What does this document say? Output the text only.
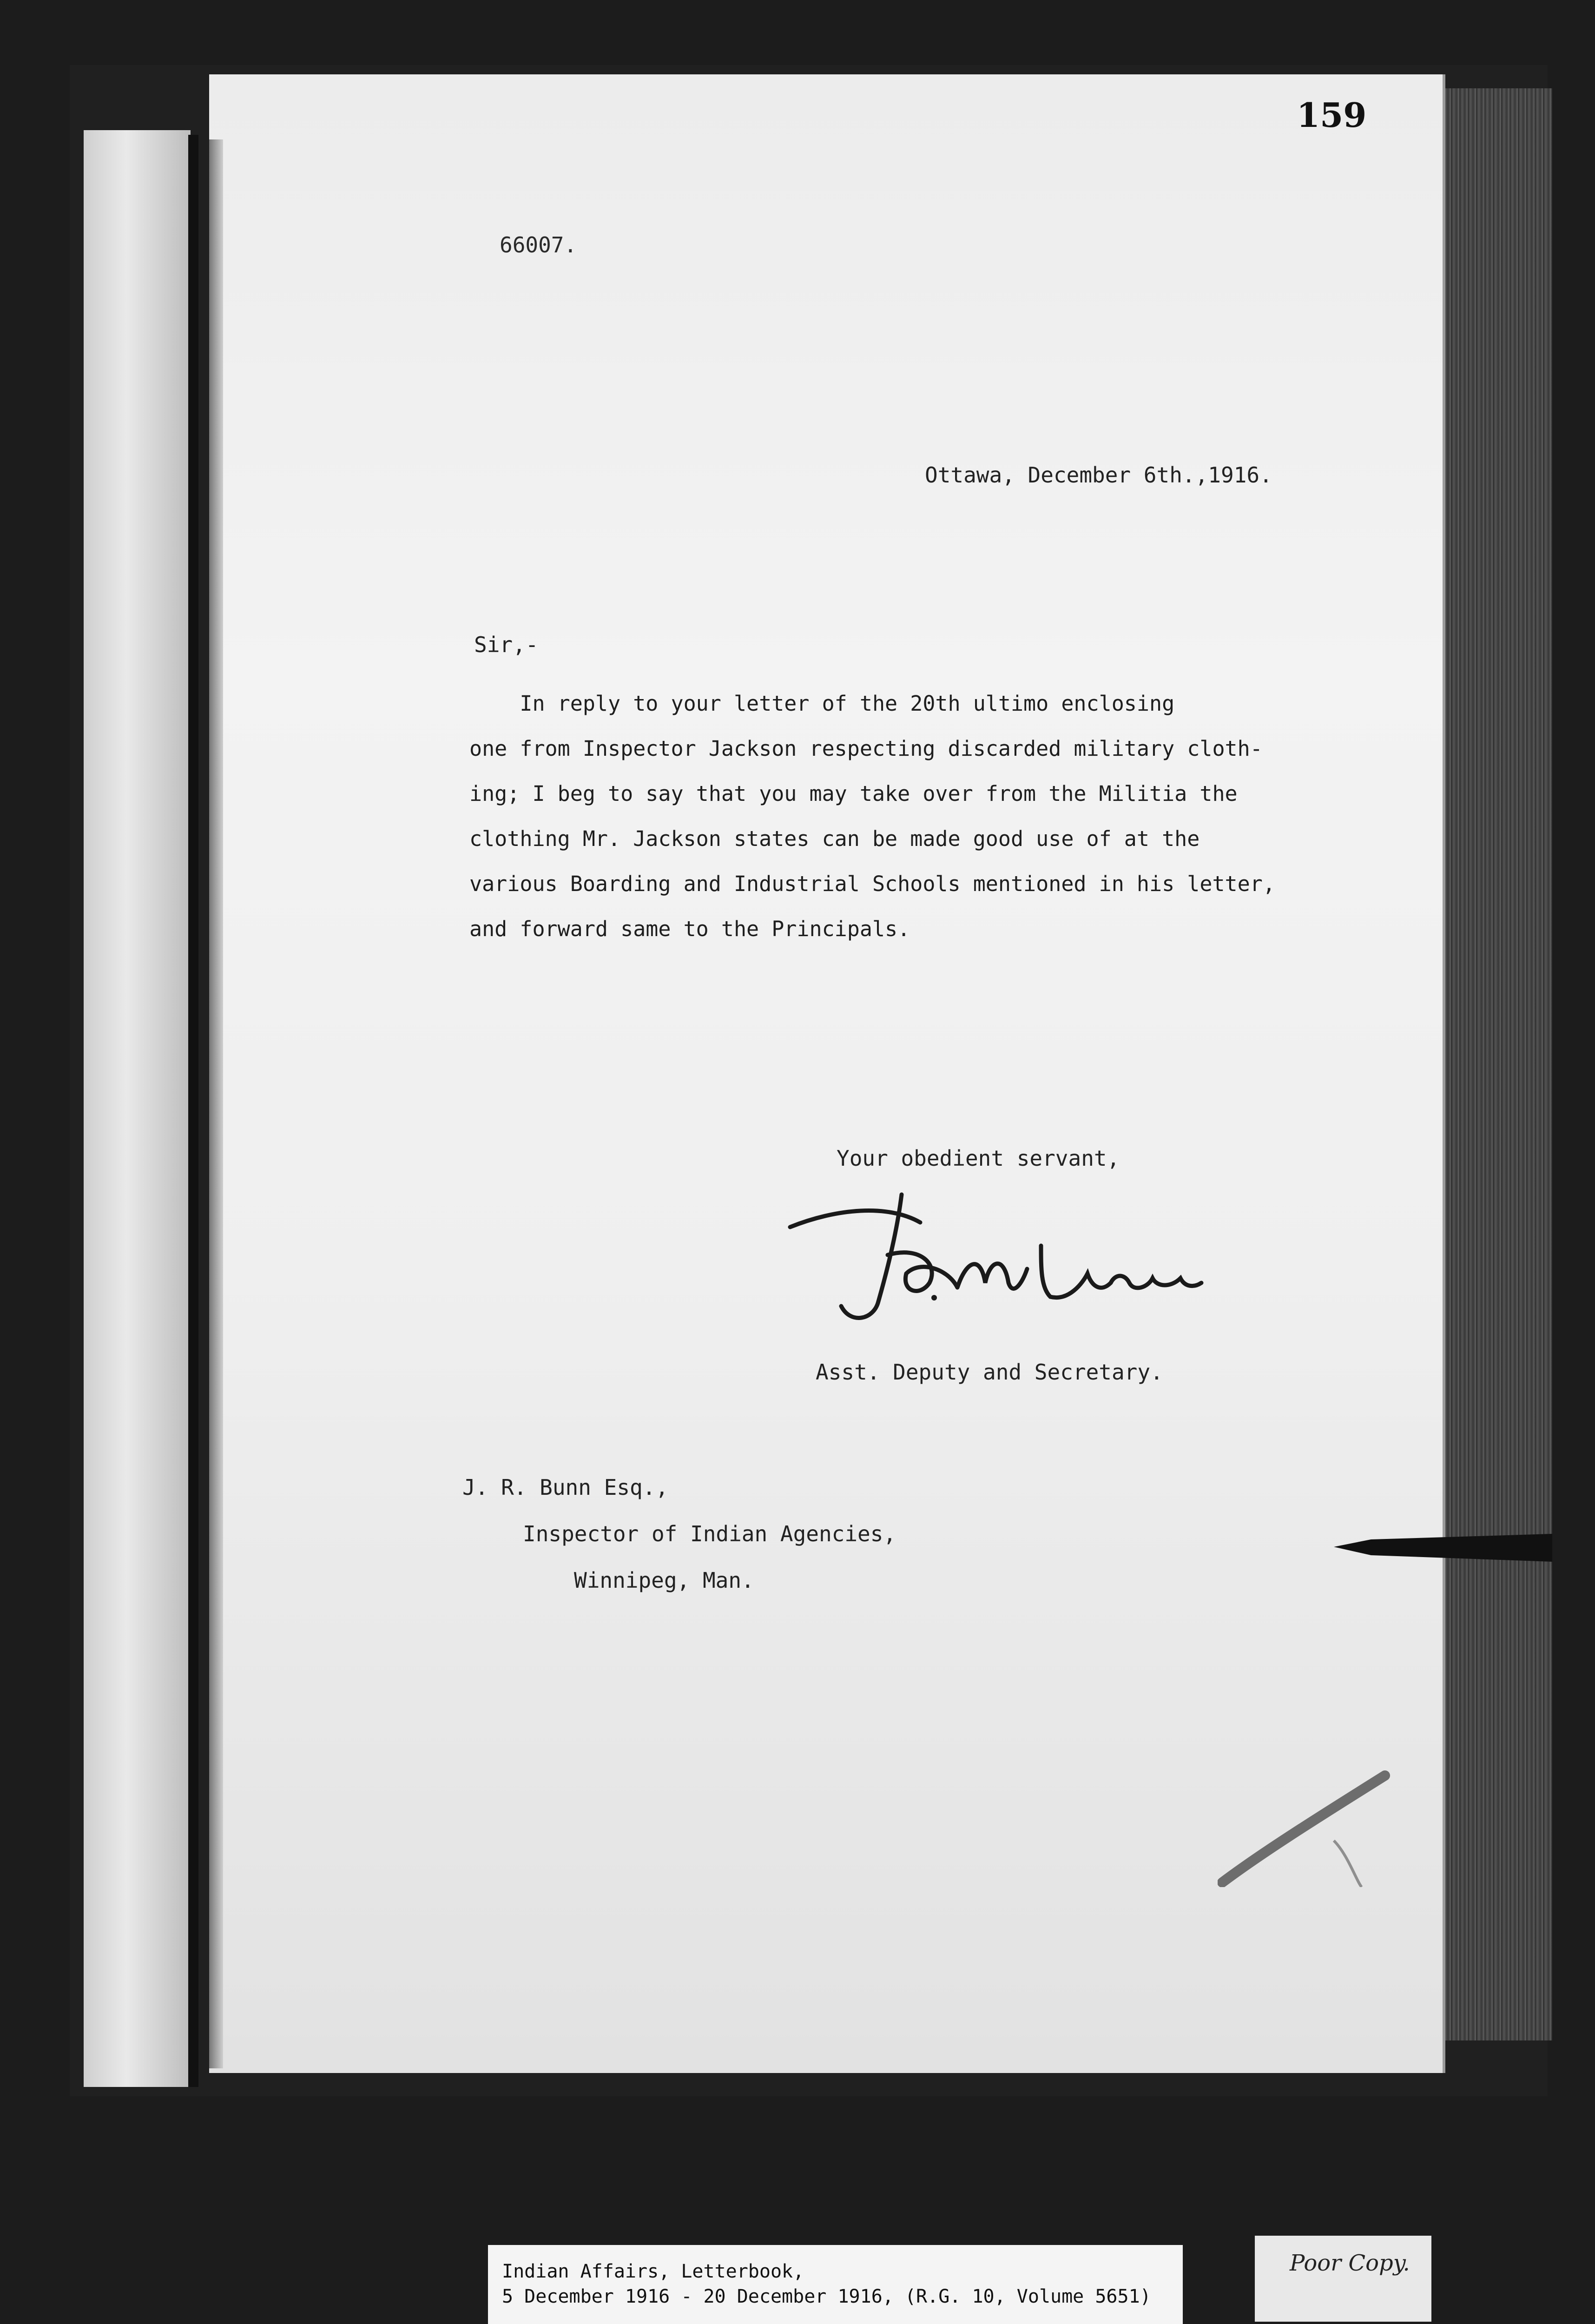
159
66007.
Ottawa, December 6th.,1916.
Sir,-
In reply to your letter of the 20th ultimo enclosing
one from Inspector Jackson respecting discarded military cloth-
ing; I beg to say that you may take over from the Militia the
clothing Mr. Jackson states can be made good use of at the
various Boarding and Industrial Schools mentioned in his letter,
and forward same to the Principals.
Your obedient servant,
Asst. Deputy and Secretary.
J. R. Bunn Esq.,
Inspector of Indian Agencies,
Winnipeg, Man.
Indian Affairs, Letterbook,
5 December 1916 - 20 December 1916, (R.G. 10, Volume 5651)
Poor Copy.
